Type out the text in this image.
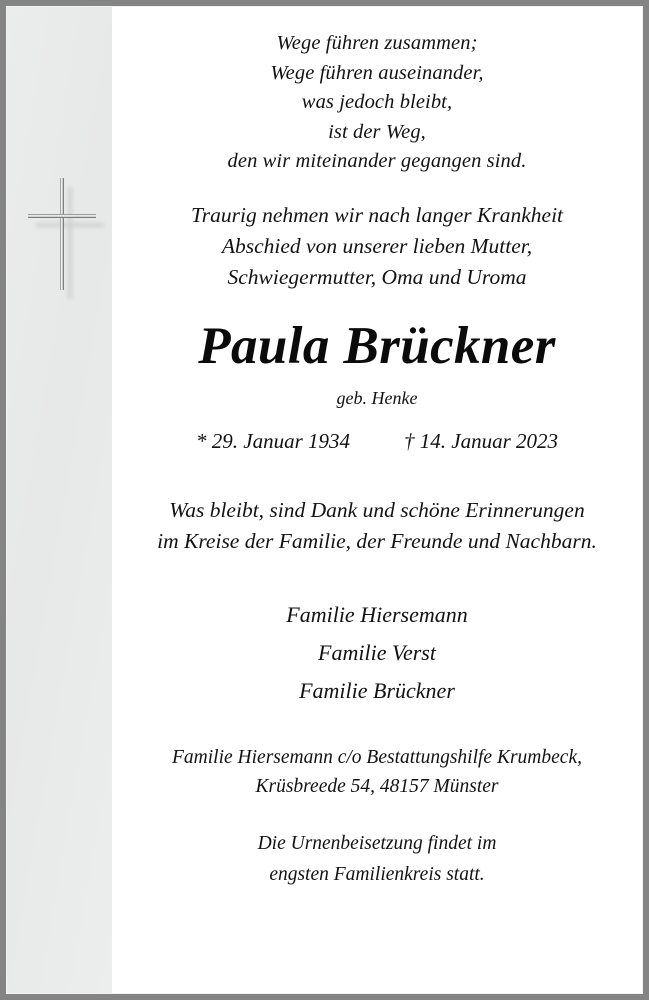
Wege führen zusammen;

Wege führen auseinander,

was jedoch bleibt,

ist der Weg,

den wir miteinander gegangen sind.

Traurig nehmen wir nach langer Krankheit

Abschied von unserer lieben Mutter,

Schwiegermutter, Oma und Uroma

Paula Brückner

geb. Henke

* 29. Januar 1934	† 14. Januar 2023

Was bleibt, sind Dank und schöne Erinnerungen

im Kreise der Familie, der Freunde und Nachbarn.

Familie Hiersemann

Familie Verst

Familie Brückner

Familie Hiersemann c/o Bestattungshilfe Krumbeck,

Krüsbreede 54, 48157 Münster

Die Urnenbeisetzung findet im

engsten Familienkreis statt.
